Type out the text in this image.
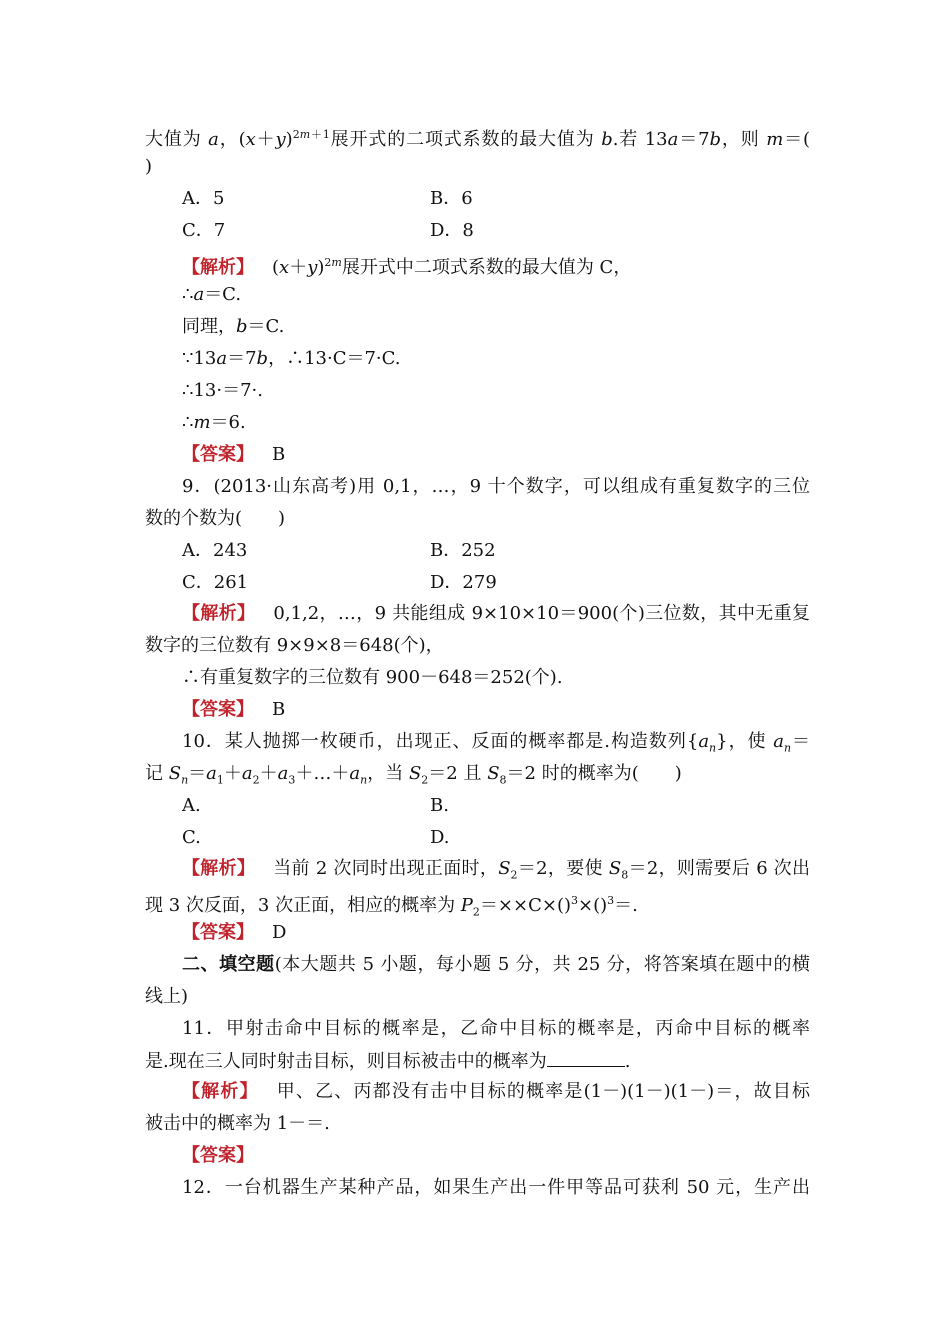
大值为 a，$(x+y)^{2m+1}$展开式的二项式系数的最大值为 b.若 13a＝7b，则 m＝(
)
A．5	B．6
C．7	D．8
【解析】 $(x+y)^{2m}$展开式中二项式系数的最大值为 C，
∴a＝C.
同理，b＝C.
∵13a＝7b，∴13·C＝7·C.
∴13·＝7·.
∴m＝6.
【答案】 B
9．(2013·山东高考)用 0,1，…，9 十个数字，可以组成有重复数字的三位
数的个数为(　　)
A．243	B．252
C．261	D．279
【解析】 0,1,2，…，9 共能组成 9×10×10＝900(个)三位数，其中无重复
数字的三位数有 9×9×8＝648(个)，
∴有重复数字的三位数有 900－648＝252(个).
【答案】 B
10．某人抛掷一枚硬币，出现正、反面的概率都是.构造数列$\{a_n\}$，使 $a_n=$
记 $S_n=a_1+a_2+a_3+\dots+a_n$，当 $S_2=2$ 且 $S_8=2$ 时的概率为(　　)
A.	B.
C.	D.
【解析】 当前 2 次同时出现正面时，$S_2=2$，要使 $S_8=2$，则需要后 6 次出
现 3 次反面，3 次正面，相应的概率为 $P_2=\times\times C\times()^3\times()^3=$.
【答案】 D
二、填空题(本大题共 5 小题，每小题 5 分，共 25 分，将答案填在题中的横
线上)
11．甲射击命中目标的概率是，乙命中目标的概率是，丙命中目标的概率
是.现在三人同时射击目标，则目标被击中的概率为	.
【解析】 甲、乙、丙都没有击中目标的概率是(1－)(1－)(1－)＝，故目标
被击中的概率为 1－＝.
【答案】
12．一台机器生产某种产品，如果生产出一件甲等品可获利 50 元，生产出
